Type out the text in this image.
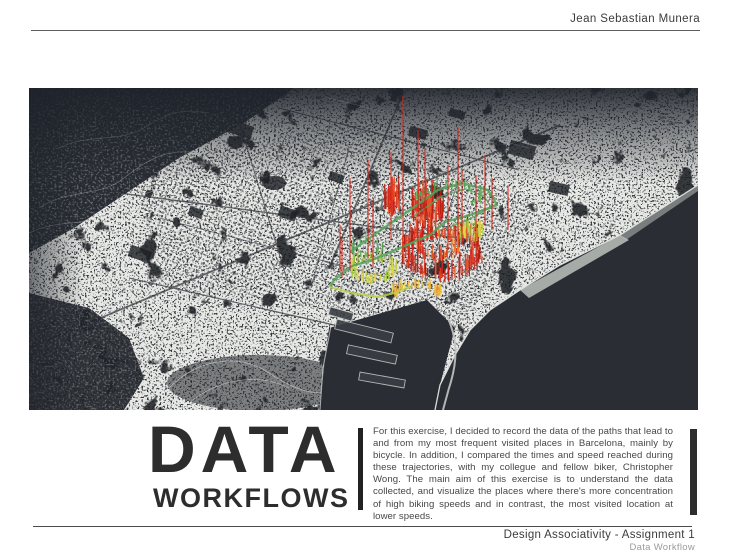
Jean Sebastian Munera
DATA
WORKFLOWS
For this exercise, I decided to record the data of the paths that lead to and from my most frequent visited places in Barcelona, mainly by bicycle. In addition, I compared the times and speed reached during these trajectories, with my collegue and fellow biker, Christopher Wong. The main aim of this exercise is to understand the data collected, and visualize the places where there's more concentration of high biking speeds and in contrast, the most visited location at lower speeds.
Design Associativity - Assignment 1
Data Workflow
